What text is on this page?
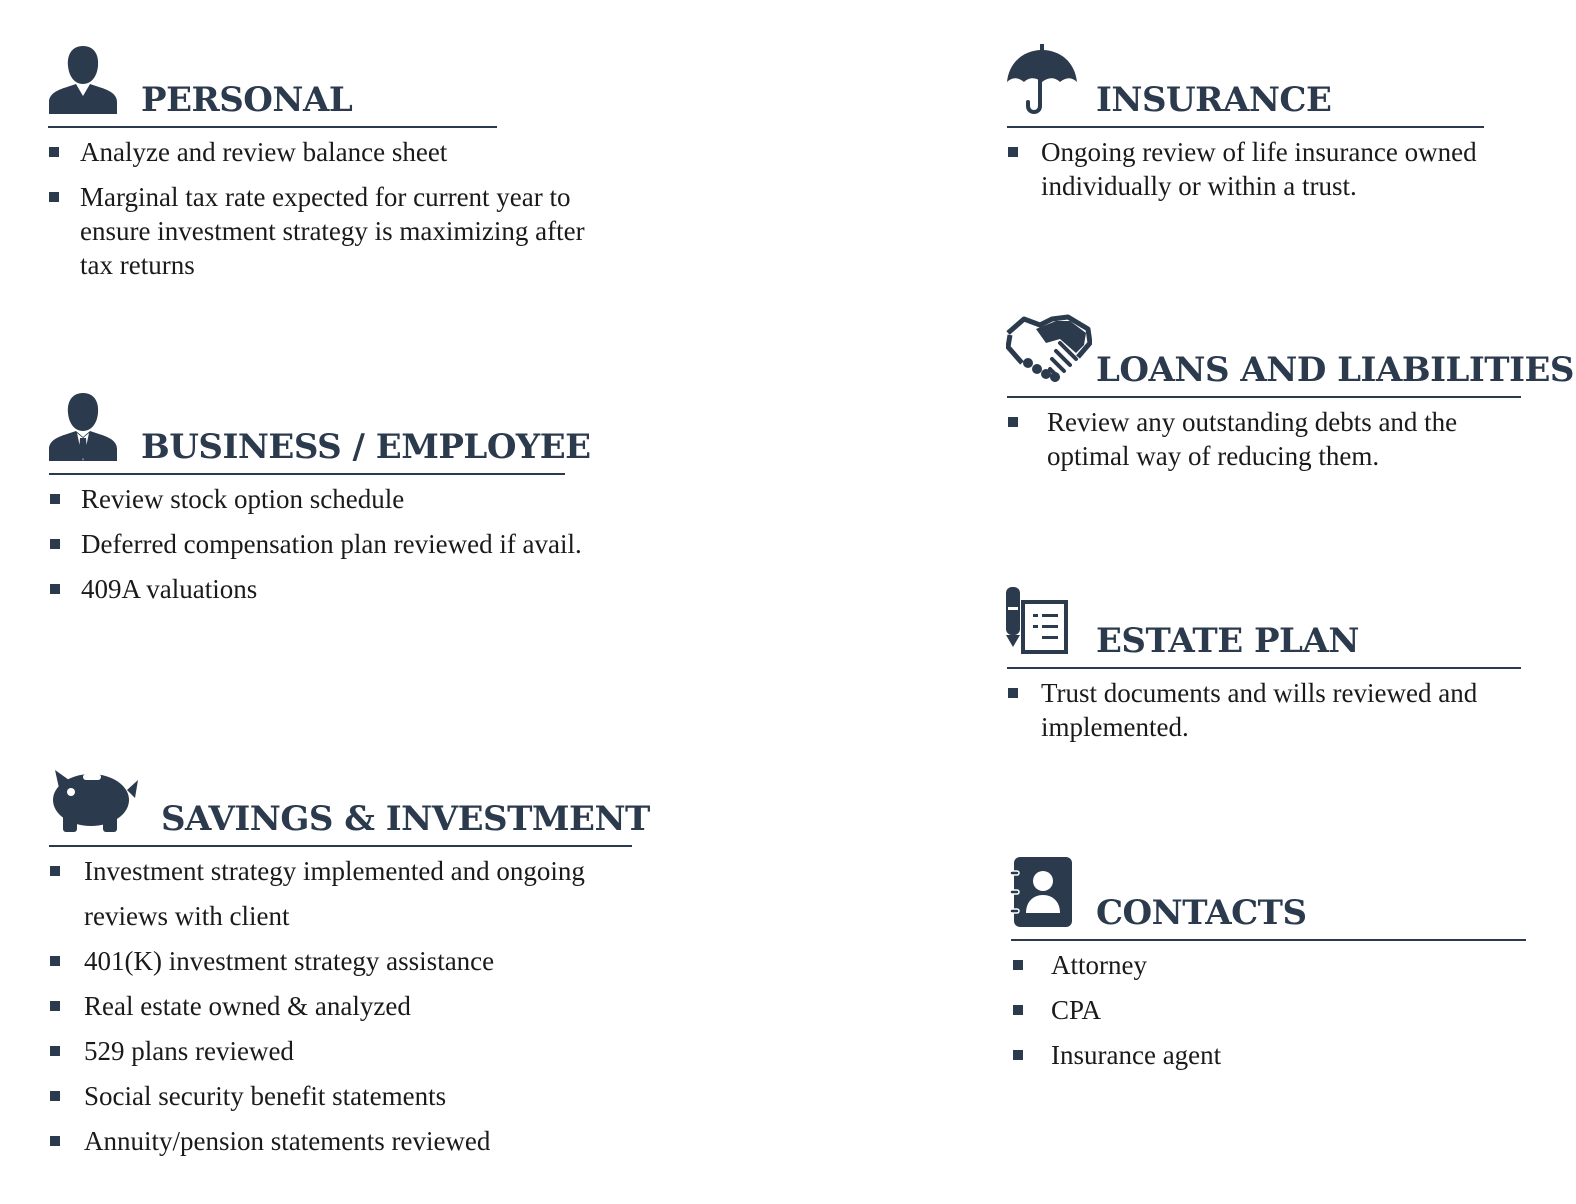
PERSONAL
Analyze and review balance sheet
Marginal tax rate expected for current year to ensure investment strategy is maximizing after tax returns
BUSINESS / EMPLOYEE
Review stock option schedule
Deferred compensation plan reviewed if avail.
409A valuations
SAVINGS & INVESTMENT
Investment strategy implemented and ongoing reviews with client
401(K) investment strategy assistance
Real estate owned & analyzed
529 plans reviewed
Social security benefit statements
Annuity/pension statements reviewed
INSURANCE
Ongoing review of life insurance owned individually or within a trust.
LOANS AND LIABILITIES
Review any outstanding debts and the optimal way of reducing them.
ESTATE PLAN
Trust documents and wills reviewed and implemented.
CONTACTS
Attorney
CPA
Insurance agent
